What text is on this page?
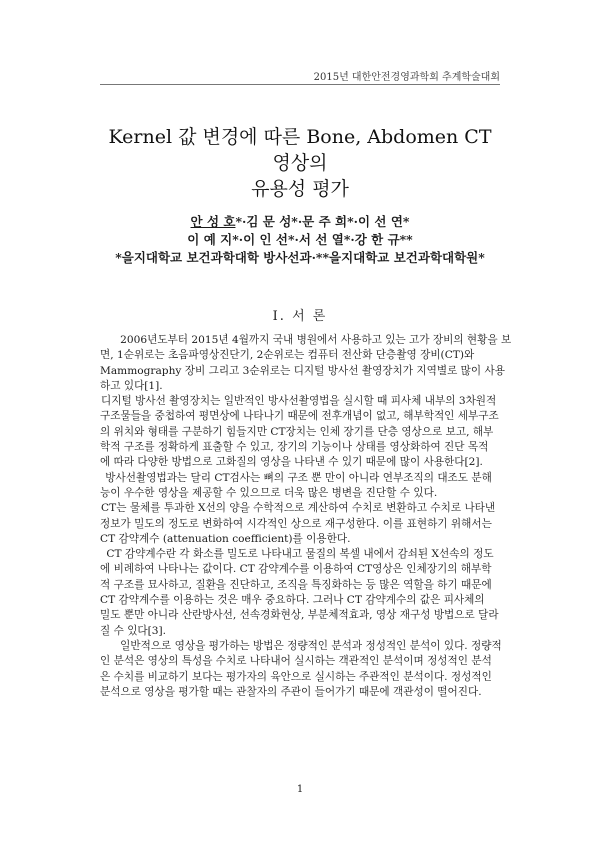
2015년 대한안전경영과학회 추계학술대회
Kernel 값 변경에 따른 Bone, Abdomen CT
영상의
유용성 평가
안 성 호*·김 문 성*·문 주 희*·이 선 연*
이 예 지*·이 인 선*·서 선 열*·강 한 규**
*을지대학교 보건과학대학 방사선과·**을지대학교 보건과학대학원*
Ⅰ. 서 론
2006년도부터 2015년 4월까지 국내 병원에서 사용하고 있는 고가 장비의 현황을 보
면, 1순위로는 초음파영상진단기, 2순위로는 컴퓨터 전산화 단층촬영 장비(CT)와
Mammography 장비 그리고 3순위로는 디지털 방사선 촬영장치가 지역별로 많이 사용
하고 있다[1].
디지털 방사선 촬영장치는 일반적인 방사선촬영법을 실시할 때 피사체 내부의 3차원적
구조물들을 중첩하여 평면상에 나타나기 때문에 전후개념이 없고, 해부학적인 세부구조
의 위치와 형태를 구분하기 힘들지만 CT장치는 인체 장기를 단층 영상으로 보고, 해부
학적 구조를 정확하게 표출할 수 있고, 장기의 기능이나 상태를 영상화하여 진단 목적
에 따라 다양한 방법으로 고화질의 영상을 나타낸 수 있기 때문에 많이 사용한다[2].
방사선촬영법과는 달리 CT검사는 뼈의 구조 뿐 만이 아니라 연부조직의 대조도 분해
능이 우수한 영상을 제공할 수 있으므로 더욱 많은 병변을 진단할 수 있다.
CT는 물체를 투과한 X선의 양을 수학적으로 계산하여 수치로 변환하고 수치로 나타낸
정보가 밀도의 정도로 변화하여 시각적인 상으로 재구성한다. 이를 표현하기 위해서는
CT 감약계수 (attenuation coefficient)를 이용한다.
CT 감약계수란 각 화소를 밀도로 나타내고 물질의 복셀 내에서 감쇠된 X선속의 정도
에 비례하여 나타나는 값이다. CT 감약계수를 이용하여 CT영상은 인체장기의 해부학
적 구조를 묘사하고, 질환을 진단하고, 조직을 특징화하는 등 많은 역할을 하기 때문에
CT 감약계수를 이용하는 것은 매우 중요하다. 그러나 CT 감약계수의 값은 피사체의
밀도 뿐만 아니라 산란방사선, 선속경화현상, 부분체적효과, 영상 재구성 방법으로 달라
질 수 있다[3].
일반적으로 영상을 평가하는 방법은 정량적인 분석과 정성적인 분석이 있다. 정량적
인 분석은 영상의 특성을 수치로 나타내어 실시하는 객관적인 분석이며 정성적인 분석
은 수치를 비교하기 보다는 평가자의 육안으로 실시하는 주관적인 분석이다. 정성적인
분석으로 영상을 평가할 때는 관찰자의 주관이 들어가기 때문에 객관성이 떨어진다.
1
